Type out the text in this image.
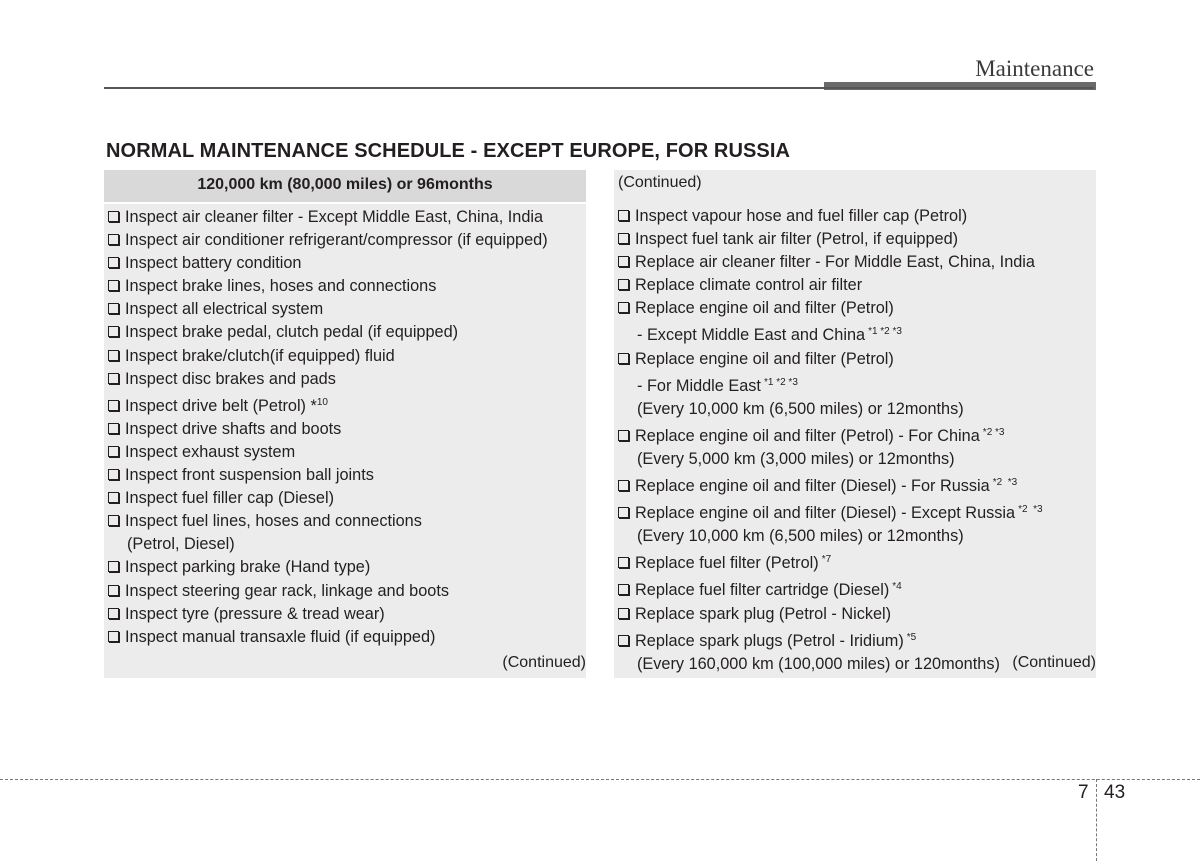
Maintenance
NORMAL MAINTENANCE SCHEDULE - EXCEPT EUROPE, FOR RUSSIA
120,000 km (80,000 miles) or 96months
Inspect air cleaner filter - Except Middle East, China, India
Inspect air conditioner refrigerant/compressor (if equipped)
Inspect battery condition
Inspect brake lines, hoses and connections
Inspect all electrical system
Inspect brake pedal, clutch pedal (if equipped)
Inspect brake/clutch(if equipped) fluid
Inspect disc brakes and pads
Inspect drive belt (Petrol) *$^{10}$
Inspect drive shafts and boots
Inspect exhaust system
Inspect front suspension ball joints
Inspect fuel filler cap (Diesel)
Inspect fuel lines, hoses and connections
(Petrol, Diesel)
Inspect parking brake (Hand type)
Inspect steering gear rack, linkage and boots
Inspect tyre (pressure & tread wear)
Inspect manual transaxle fluid (if equipped)
(Continued)
(Continued)
Inspect vapour hose and fuel filler cap (Petrol)
Inspect fuel tank air filter (Petrol, if equipped)
Replace air cleaner filter - For Middle East, China, India
Replace climate control air filter
Replace engine oil and filter (Petrol)
- Except Middle East and China $^{*1 *2 *3}$
Replace engine oil and filter (Petrol)
- For Middle East $^{*1 *2 *3}$
(Every 10,000 km (6,500 miles) or 12months)
Replace engine oil and filter (Petrol) - For China $^{*2 *3}$
(Every 5,000 km (3,000 miles) or 12months)
Replace engine oil and filter (Diesel) - For Russia $^{*2 *3}$
Replace engine oil and filter (Diesel) - Except Russia $^{*2 *3}$
(Every 10,000 km (6,500 miles) or 12months)
Replace fuel filter (Petrol) $^{*7}$
Replace fuel filter cartridge (Diesel) $^{*4}$
Replace spark plug (Petrol - Nickel)
Replace spark plugs (Petrol - Iridium) $^{*5}$
(Every 160,000 km (100,000 miles) or 120months) (Continued)
7 43
